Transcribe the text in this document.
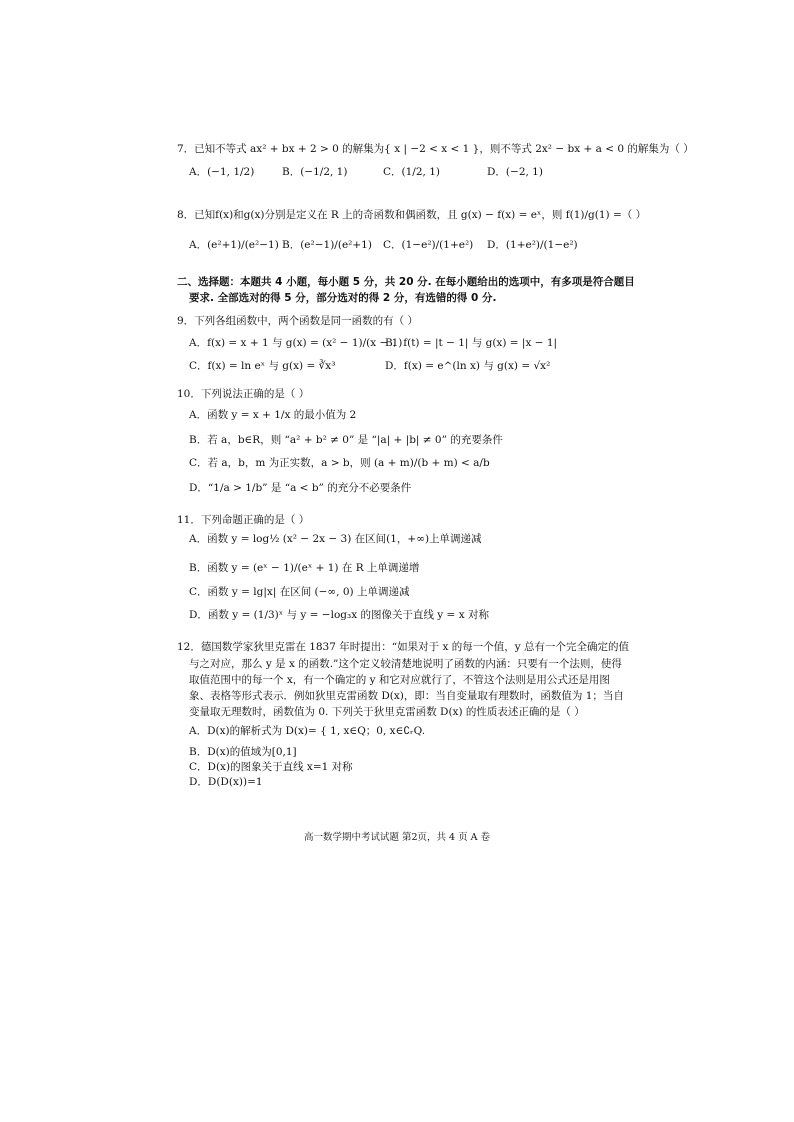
7．已知不等式 ax² + bx + 2 > 0 的解集为{ x | −2 < x < 1 }，则不等式 2x² − bx + a < 0 的解集为（ ）
A．(−1, 1/2)	B．(−1/2, 1)	C．(1/2, 1)	D．(−2, 1)
8．已知f(x)和g(x)分别是定义在 R 上的奇函数和偶函数，且 g(x) − f(x) = eˣ，则 f(1)/g(1) =（ ）
A．(e²+1)/(e²−1) B．(e²−1)/(e²+1) C．(1−e²)/(1+e²) D．(1+e²)/(1−e²)
二、选择题：本题共 4 小题，每小题 5 分，共 20 分. 在每小题给出的选项中，有多项是符合题目
要求. 全部选对的得 5 分，部分选对的得 2 分，有选错的得 0 分.
9．下列各组函数中，两个函数是同一函数的有（ ）
A．f(x) = x + 1 与 g(x) = (x² − 1)/(x − 1)
B．f(t) = |t − 1| 与 g(x) = |x − 1|
C．f(x) = ln eˣ 与 g(x) = ∛x³	D．f(x) = e^(ln x) 与 g(x) = √x²
10．下列说法正确的是（ ）
A．函数 y = x + 1/x 的最小值为 2
B．若 a，b∈R，则 “a² + b² ≠ 0” 是 “|a| + |b| ≠ 0” 的充要条件
C．若 a，b，m 为正实数，a > b，则 (a + m)/(b + m) < a/b
D．“1/a > 1/b” 是 “a < b” 的充分不必要条件
11．下列命题正确的是（ ）
A．函数 y = log½ (x² − 2x − 3) 在区间(1，+∞)上单调递减
B．函数 y = (eˣ − 1)/(eˣ + 1) 在 R 上单调递增
C．函数 y = lg|x| 在区间 (−∞, 0) 上单调递减
D．函数 y = (1/3)ˣ 与 y = −log₃x 的图像关于直线 y = x 对称
12．德国数学家狄里克雷在 1837 年时提出：“如果对于 x 的每一个值，y 总有一个完全确定的值
与之对应，那么 y 是 x 的函数.”这个定义较清楚地说明了函数的内涵：只要有一个法则，使得
取值范围中的每一个 x，有一个确定的 y 和它对应就行了，不管这个法则是用公式还是用图
象、表格等形式表示．例如狄里克雷函数 D(x)，即：当自变量取有理数时，函数值为 1；当自
变量取无理数时，函数值为 0. 下列关于狄里克雷函数 D(x) 的性质表述正确的是（ ）
A．D(x)的解析式为 D(x)= { 1, x∈Q；0, x∈∁ᵣQ.
B．D(x)的值域为[0,1]
C．D(x)的图象关于直线 x=1 对称
D．D(D(x))=1
高一数学期中考试试题 第2页，共 4 页 A 卷
